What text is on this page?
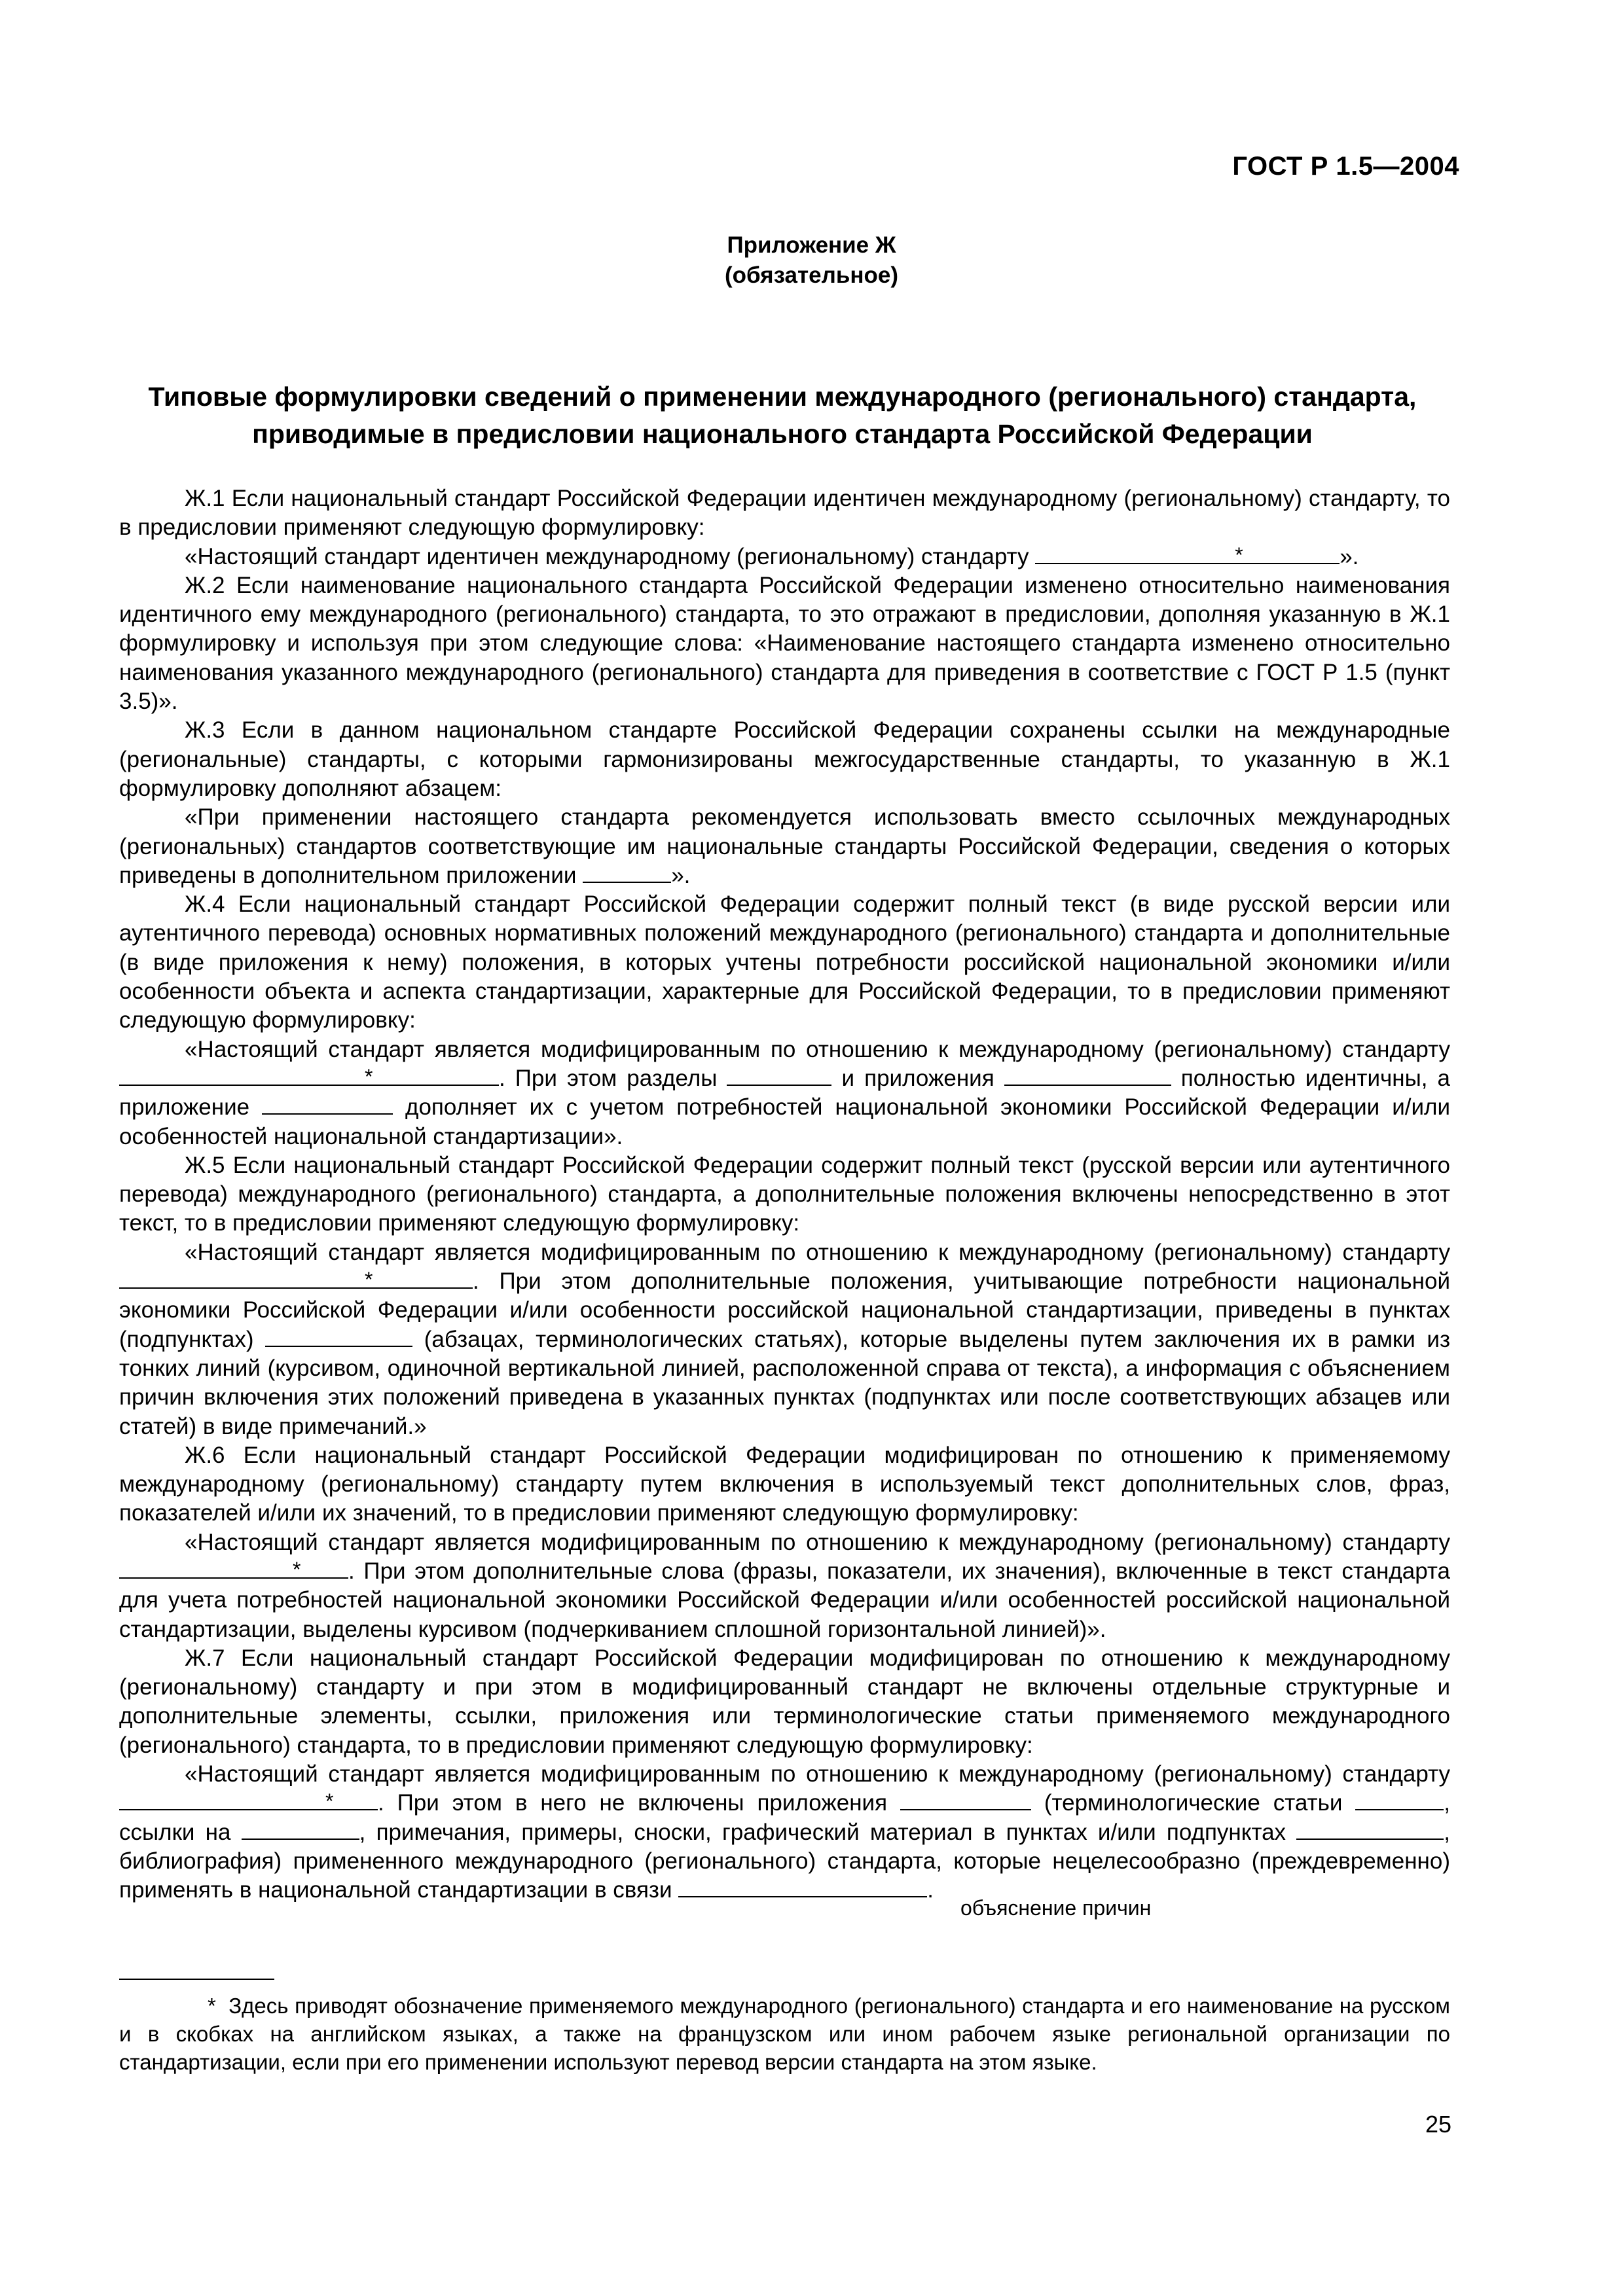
ГОСТ Р 1.5—2004
Приложение Ж
(обязательное)
Типовые формулировки сведений о применении международного (регионального) стандарта,
приводимые в предисловии национального стандарта Российской Федерации

Ж.1 Если национальный стандарт Российской Федерации идентичен международному (региональному) стандарту, то в предисловии применяют следующую формулировку:

«Настоящий стандарт идентичен международному (региональному) стандарту	*	».

Ж.2 Если наименование национального стандарта Российской Федерации изменено относительно наименования идентичного ему международного (регионального) стандарта, то это отражают в предисловии, дополняя указанную в Ж.1 формулировку и используя при этом следующие слова: «Наименование настоящего стандарта изменено относительно наименования указанного международного (регионального) стандарта для приведения в соответствие с ГОСТ Р 1.5 (пункт 3.5)».

Ж.3 Если в данном национальном стандарте Российской Федерации сохранены ссылки на международные (региональные) стандарты, с которыми гармонизированы межгосударственные стандарты, то указанную в Ж.1 формулировку дополняют абзацем:

«При применении настоящего стандарта рекомендуется использовать вместо ссылочных международных (региональных) стандартов соответствующие им национальные стандарты Российской Федерации, сведения о которых приведены в дополнительном приложении	».

Ж.4 Если национальный стандарт Российской Федерации содержит полный текст (в виде русской версии или аутентичного перевода) основных нормативных положений международного (регионального) стандарта и дополнительные (в виде приложения к нему) положения, в которых учтены потребности российской национальной экономики и/или особенности объекта и аспекта стандартизации, характерные для Российской Федерации, то в предисловии применяют следующую формулировку:

«Настоящий стандарт является модифицированным по отношению к международному (региональному) стандарту
*	. При этом разделы	и приложения	полностью идентичны, а приложение	дополняет их с учетом потребностей национальной экономики Российской Федерации и/или особенностей национальной стандартизации».

Ж.5 Если национальный стандарт Российской Федерации содержит полный текст (русской версии или аутентичного перевода) международного (регионального) стандарта, а дополнительные положения включены непосредственно в этот текст, то в предисловии применяют следующую формулировку:

«Настоящий стандарт является модифицированным по отношению к международному (региональному) стандарту
*	. При этом дополнительные положения, учитывающие потребности национальной экономики Российской Федерации и/или особенности российской национальной стандартизации, приведены в пунктах (подпунктах)	(абзацах, терминологических статьях), которые выделены путем заключения их в рамки из тонких линий (курсивом, одиночной вертикальной линией, расположенной справа от текста), а информация с объяснением причин включения этих положений приведена в указанных пунктах (подпунктах или после соответствующих абзацев или статей) в виде примечаний.»

Ж.6 Если национальный стандарт Российской Федерации модифицирован по отношению к применяемому международному (региональному) стандарту путем включения в используемый текст дополнительных слов, фраз, показателей и/или их значений, то в предисловии применяют следующую формулировку:

«Настоящий стандарт является модифицированным по отношению к международному (региональному) стандарту
* . При этом дополнительные слова (фразы, показатели, их значения), включенные в текст стандарта для учета потребностей национальной экономики Российской Федерации и/или особенностей российской национальной стандартизации, выделены курсивом (подчеркиванием сплошной горизонтальной линией)».

Ж.7 Если национальный стандарт Российской Федерации модифицирован по отношению к международному (региональному) стандарту и при этом в модифицированный стандарт не включены отдельные структурные и дополнительные элементы, ссылки, приложения или терминологические статьи применяемого международного (регионального) стандарта, то в предисловии применяют следующую формулировку:

«Настоящий стандарт является модифицированным по отношению к международному (региональному) стандарту
* . При этом в него не включены приложения	(терминологические статьи	, ссылки на	, примечания, примеры, сноски, графический материал в пунктах и/или подпунктах	, библиография) примененного международного (регионального) стандарта, которые нецелесообразно (преждевременно) применять в национальной стандартизации в связи	.

объяснение причин

* Здесь приводят обозначение применяемого международного (регионального) стандарта и его наименование на русском и в скобках на английском языках, а также на французском или ином рабочем языке региональной организации по стандартизации, если при его применении используют перевод версии стандарта на этом языке.

25
